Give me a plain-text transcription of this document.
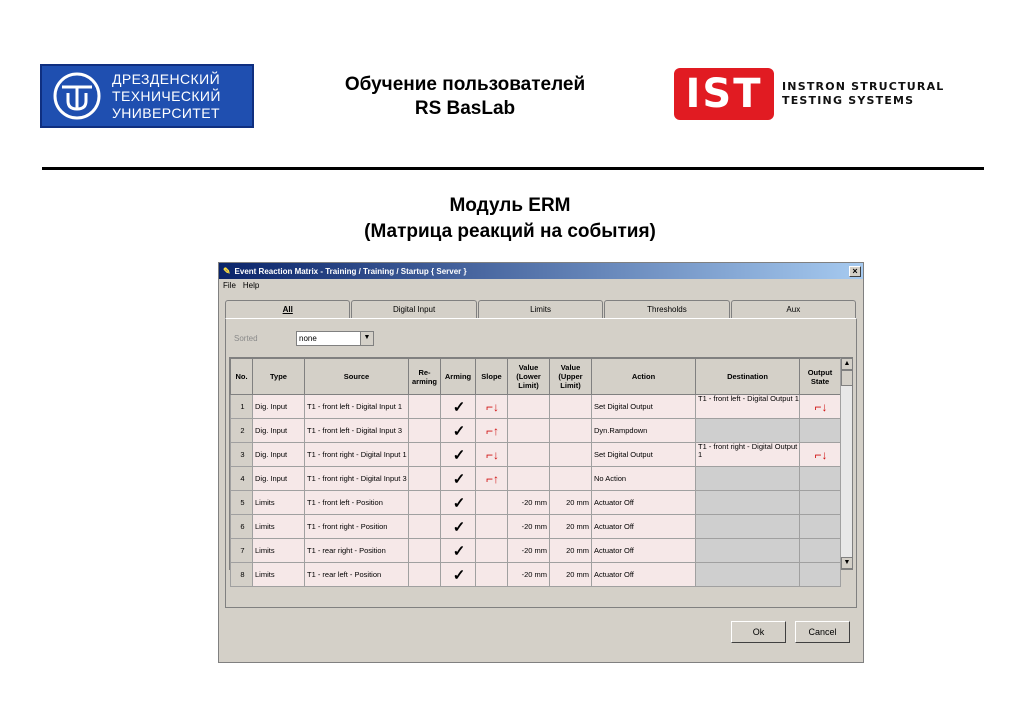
ДРЕЗДЕНСКИЙ
ТЕХНИЧЕСКИЙ
УНИВЕРСИТЕТ
Обучение пользователей
RS BasLab	IST	INSTRON STRUCTURAL
TESTING SYSTEMS
Модуль ERM
(Матрица реакций на события)
✎ Event Reaction Matrix - Training / Training / Startup { Server }	×
File Help
All	Digital Input	Limits	Thresholds	Aux
Sorted	none	▼
No.	Type	Source	Re-arming	Arming	Slope	Value (Lower Limit)	Value (Upper Limit)	Action	Destination	Output State
1	Dig. Input	T1 - front left - Digital Input 1		✓	⌐↓			Set Digital Output	T1 - front left - Digital Output 1	⌐↓
2	Dig. Input	T1 - front left - Digital Input 3		✓	⌐↑			Dyn.Rampdown		
3	Dig. Input	T1 - front right - Digital Input 1		✓	⌐↓			Set Digital Output	T1 - front right - Digital Output 1	⌐↓
4	Dig. Input	T1 - front right - Digital Input 3		✓	⌐↑			No Action		
5	Limits	T1 - front left - Position		✓		-20 mm	20 mm	Actuator Off		
6	Limits	T1 - front right - Position		✓		-20 mm	20 mm	Actuator Off		
7	Limits	T1 - rear right - Position		✓		-20 mm	20 mm	Actuator Off		
8	Limits	T1 - rear left - Position		✓		-20 mm	20 mm	Actuator Off		
▲
▼
Ok	Cancel
